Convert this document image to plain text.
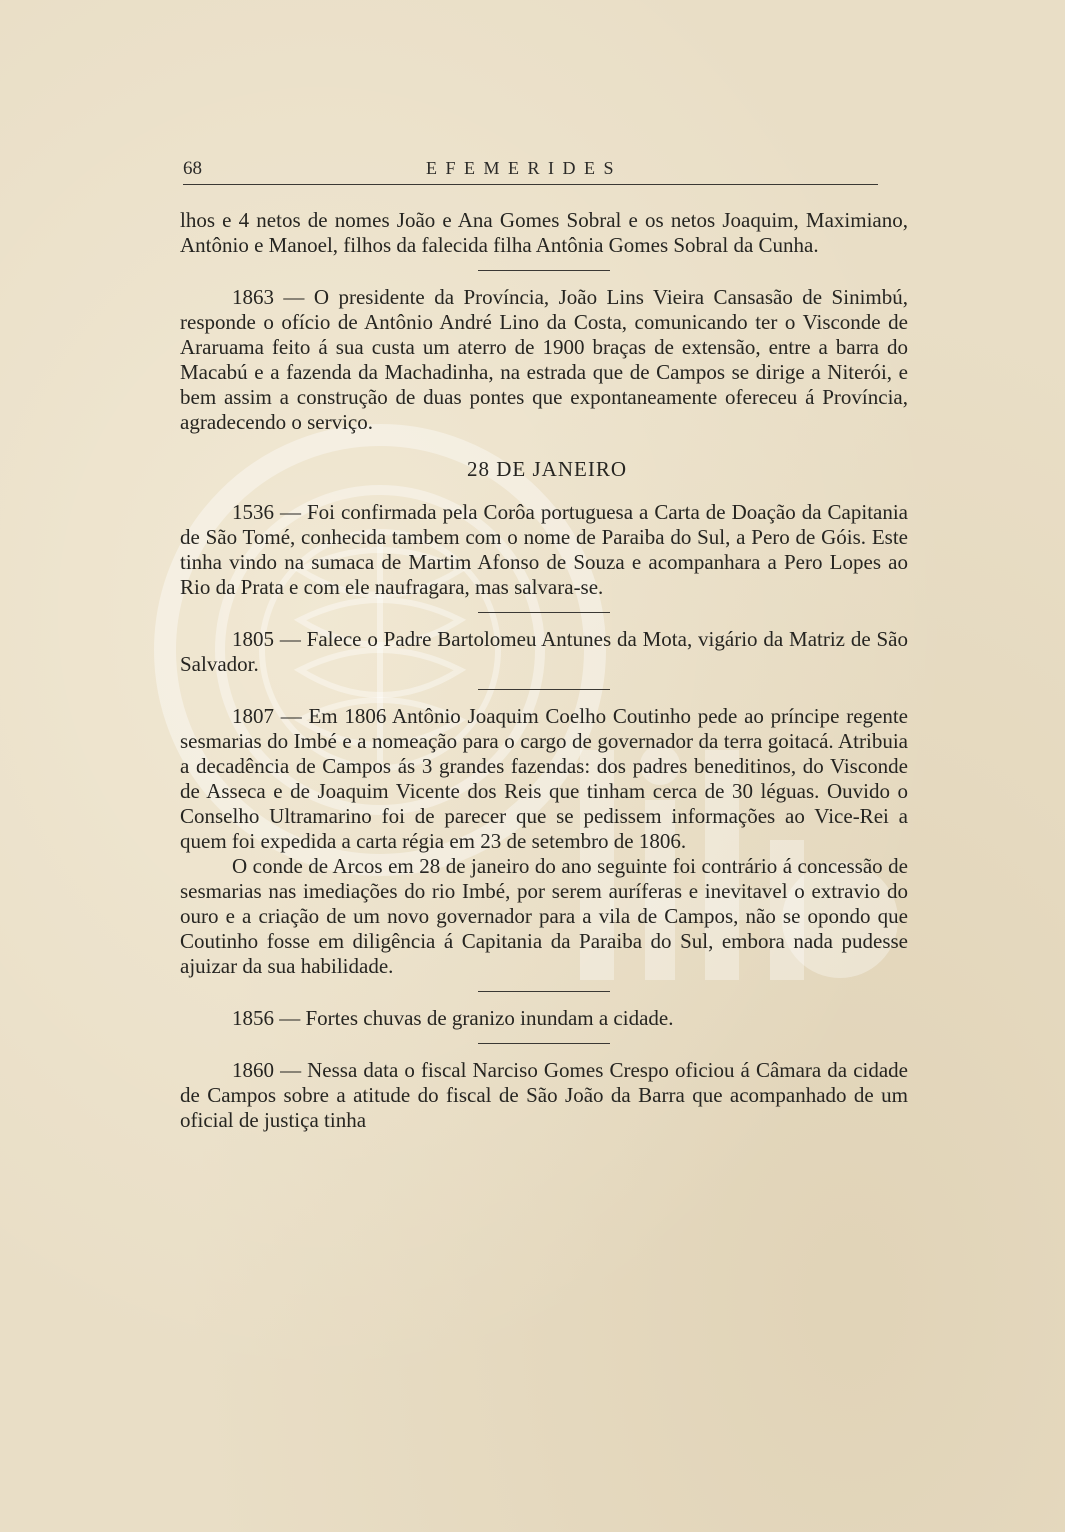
68	EFEMERIDES

lhos e 4 netos de nomes João e Ana Gomes Sobral e os netos Joaquim, Maximiano, Antônio e Manoel, filhos da falecida filha Antônia Gomes Sobral da Cunha.

1863 — O presidente da Província, João Lins Vieira Cansasão de Sinimbú, responde o ofício de Antônio André Lino da Costa, comunicando ter o Visconde de Araruama feito á sua custa um aterro de 1900 braças de extensão, entre a barra do Macabú e a fazenda da Machadinha, na estrada que de Campos se dirige a Niterói, e bem assim a construção de duas pontes que expontaneamente ofereceu á Província, agradecendo o serviço.

28 DE JANEIRO

1536 — Foi confirmada pela Corôa portuguesa a Carta de Doação da Capitania de São Tomé, conhecida tambem com o nome de Paraiba do Sul, a Pero de Góis. Este tinha vindo na sumaca de Martim Afonso de Souza e acompanhara a Pero Lopes ao Rio da Prata e com ele naufragara, mas salvara-se.

1805 — Falece o Padre Bartolomeu Antunes da Mota, vigário da Matriz de São Salvador.

1807 — Em 1806 Antônio Joaquim Coelho Coutinho pede ao príncipe regente sesmarias do Imbé e a nomeação para o cargo de governador da terra goitacá. Atribuia a decadência de Campos ás 3 grandes fazendas: dos padres beneditinos, do Visconde de Asseca e de Joaquim Vicente dos Reis que tinham cerca de 30 léguas. Ouvido o Conselho Ultramarino foi de parecer que se pedissem informações ao Vice-Rei a quem foi expedida a carta régia em 23 de setembro de 1806.

O conde de Arcos em 28 de janeiro do ano seguinte foi contrário á concessão de sesmarias nas imediações do rio Imbé, por serem auríferas e inevitavel o extravio do ouro e a criação de um novo governador para a vila de Campos, não se opondo que Coutinho fosse em diligência á Capitania da Paraiba do Sul, embora nada pudesse ajuizar da sua habilidade.

1856 — Fortes chuvas de granizo inundam a cidade.

1860 — Nessa data o fiscal Narciso Gomes Crespo oficiou á Câmara da cidade de Campos sobre a atitude do fiscal de São João da Barra que acompanhado de um oficial de justiça tinha
